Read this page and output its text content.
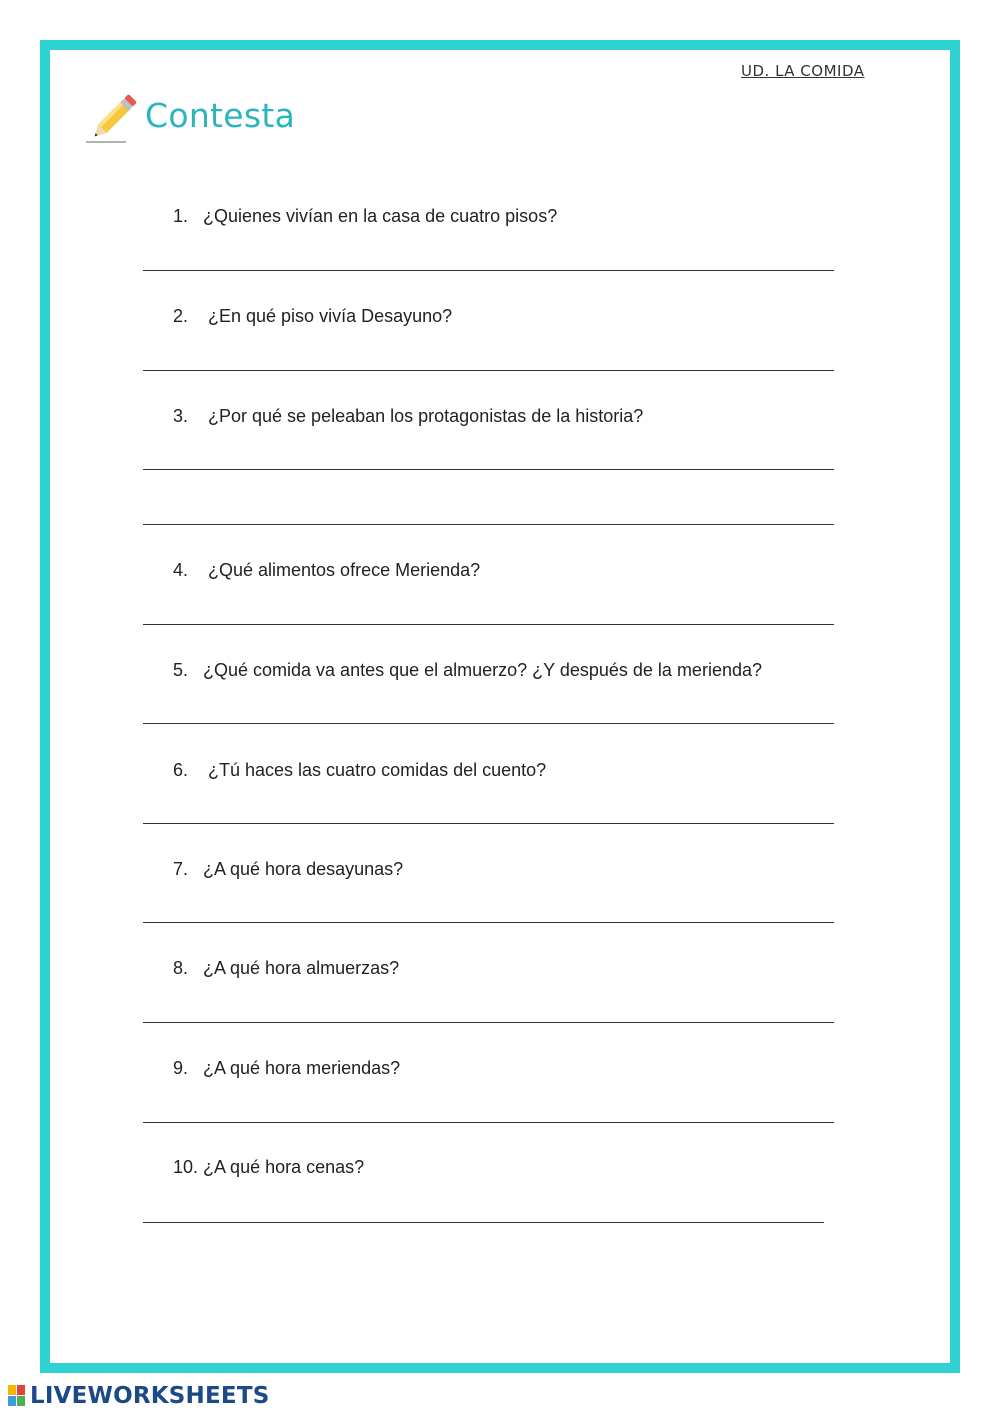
UD. LA COMIDA
Contesta
1. ¿Quienes vivían en la casa de cuatro pisos?
2. ¿En qué piso vivía Desayuno?
3. ¿Por qué se peleaban los protagonistas de la historia?
4. ¿Qué alimentos ofrece Merienda?
5. ¿Qué comida va antes que el almuerzo? ¿Y después de la merienda?
6. ¿Tú haces las cuatro comidas del cuento?
7. ¿A qué hora desayunas?
8. ¿A qué hora almuerzas?
9. ¿A qué hora meriendas?
10. ¿A qué hora cenas?
LIVEWORKSHEETS
